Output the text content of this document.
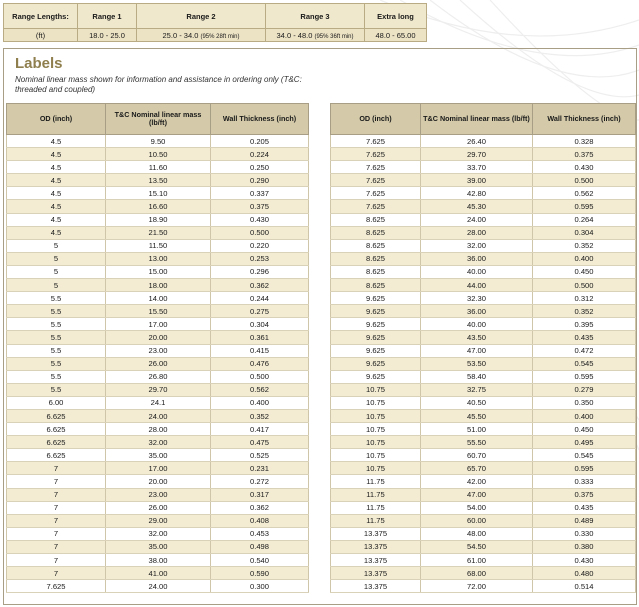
Range Lengths:	Range 1	Range 2	Range 3	Extra long
(ft)	18.0 - 25.0	25.0 - 34.0 (95% 28ft min)	34.0 - 48.0 (95% 36ft min)	48.0 - 65.00
Labels
Nominal linear mass shown for information and assistance in ordering only (T&C: threaded and coupled)
OD (inch)	T&C Nominal linear mass (lb/ft)	Wall Thickness (inch)
4.5	9.50	0.205
4.5	10.50	0.224
4.5	11.60	0.250
4.5	13.50	0.290
4.5	15.10	0.337
4.5	16.60	0.375
4.5	18.90	0.430
4.5	21.50	0.500
5	11.50	0.220
5	13.00	0.253
5	15.00	0.296
5	18.00	0.362
5.5	14.00	0.244
5.5	15.50	0.275
5.5	17.00	0.304
5.5	20.00	0.361
5.5	23.00	0.415
5.5	26.00	0.476
5.5	26.80	0.500
5.5	29.70	0.562
6.00	24.1	0.400
6.625	24.00	0.352
6.625	28.00	0.417
6.625	32.00	0.475
6.625	35.00	0.525
7	17.00	0.231
7	20.00	0.272
7	23.00	0.317
7	26.00	0.362
7	29.00	0.408
7	32.00	0.453
7	35.00	0.498
7	38.00	0.540
7	41.00	0.590
7.625	24.00	0.300
OD (inch)	T&C Nominal linear mass (lb/ft)	Wall Thickness (inch)
7.625	26.40	0.328
7.625	29.70	0.375
7.625	33.70	0.430
7.625	39.00	0.500
7.625	42.80	0.562
7.625	45.30	0.595
8.625	24.00	0.264
8.625	28.00	0.304
8.625	32.00	0.352
8.625	36.00	0.400
8.625	40.00	0.450
8.625	44.00	0.500
9.625	32.30	0.312
9.625	36.00	0.352
9.625	40.00	0.395
9.625	43.50	0.435
9.625	47.00	0.472
9.625	53.50	0.545
9.625	58.40	0.595
10.75	32.75	0.279
10.75	40.50	0.350
10.75	45.50	0.400
10.75	51.00	0.450
10.75	55.50	0.495
10.75	60.70	0.545
10.75	65.70	0.595
11.75	42.00	0.333
11.75	47.00	0.375
11.75	54.00	0.435
11.75	60.00	0.489
13.375	48.00	0.330
13.375	54.50	0.380
13.375	61.00	0.430
13.375	68.00	0.480
13.375	72.00	0.514
